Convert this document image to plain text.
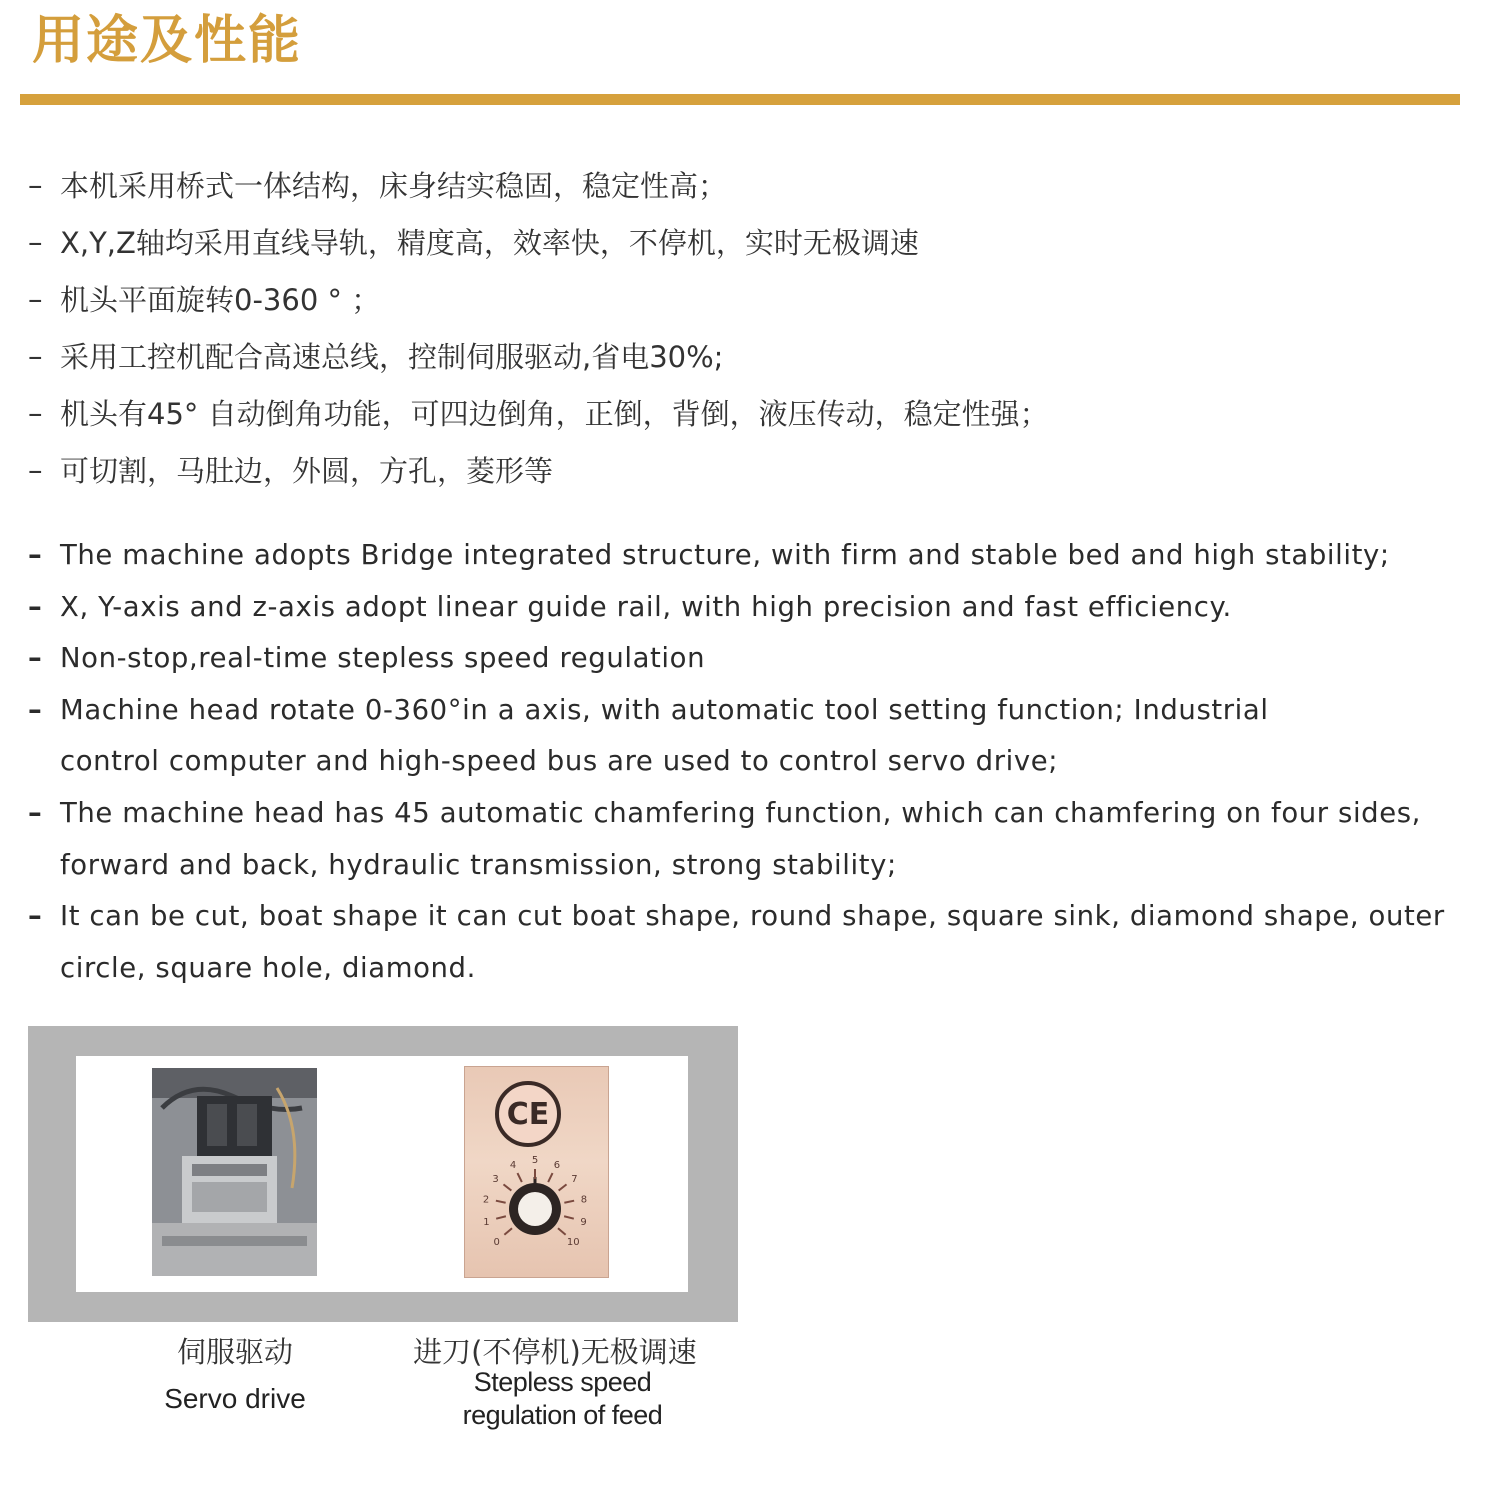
用途及性能
– 本机采用桥式一体结构，床身结实稳固，稳定性高；
– X,Y,Z轴均采用直线导轨，精度高，效率快，不停机，实时无极调速
– 机头平面旋转0-360 ° ；
– 采用工控机配合高速总线，控制伺服驱动,省电30%;
– 机头有45° 自动倒角功能，可四边倒角，正倒，背倒，液压传动，稳定性强；
– 可切割，马肚边，外圆，方孔，菱形等
– The machine adopts Bridge integrated structure, with firm and stable bed and high stability;
– X, Y-axis and z-axis adopt linear guide rail, with high precision and fast efficiency.
– Non-stop,real-time stepless speed regulation
– Machine head rotate 0-360°in a axis, with automatic tool setting function; Industrial
control computer and high-speed bus are used to control servo drive;
– The machine head has 45 automatic chamfering function, which can chamfering on four sides,
forward and back, hydraulic transmission, strong stability;
– It can be cut, boat shape it can cut boat shape, round shape, square sink, diamond shape, outer
circle, square hole, diamond.
CE
0
1
2
3
4 5 6
7
8
9
10
伺服驱动
Servo drive
进刀(不停机)无极调速
Stepless speed
regulation of feed
